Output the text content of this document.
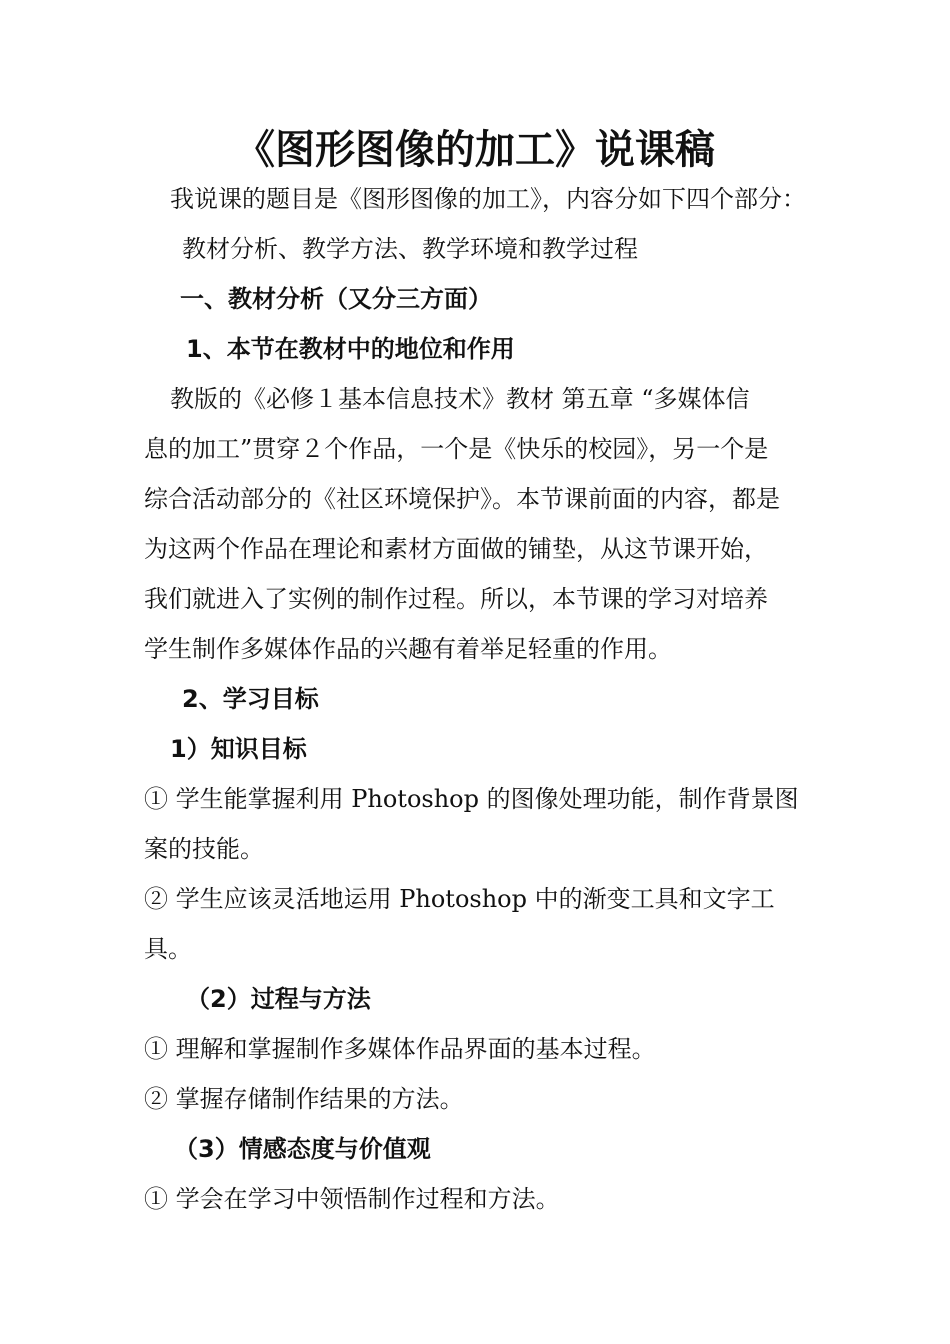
《图形图像的加工》说课稿
我说课的题目是《图形图像的加工》，内容分如下四个部分：
教材分析、教学方法、教学环境和教学过程
一、教材分析（又分三方面）
1、本节在教材中的地位和作用
教版的《必修１基本信息技术》教材 第五章 “多媒体信
息的加工”贯穿２个作品，一个是《快乐的校园》，另一个是
综合活动部分的《社区环境保护》。本节课前面的内容，都是
为这两个作品在理论和素材方面做的铺垫，从这节课开始，
我们就进入了实例的制作过程。所以，本节课的学习对培养
学生制作多媒体作品的兴趣有着举足轻重的作用。
2、学习目标
1）知识目标
① 学生能掌握利用 Photoshop 的图像处理功能，制作背景图
案的技能。
② 学生应该灵活地运用 Photoshop 中的渐变工具和文字工
具。
（2）过程与方法
① 理解和掌握制作多媒体作品界面的基本过程。
② 掌握存储制作结果的方法。
（3）情感态度与价值观
① 学会在学习中领悟制作过程和方法。
